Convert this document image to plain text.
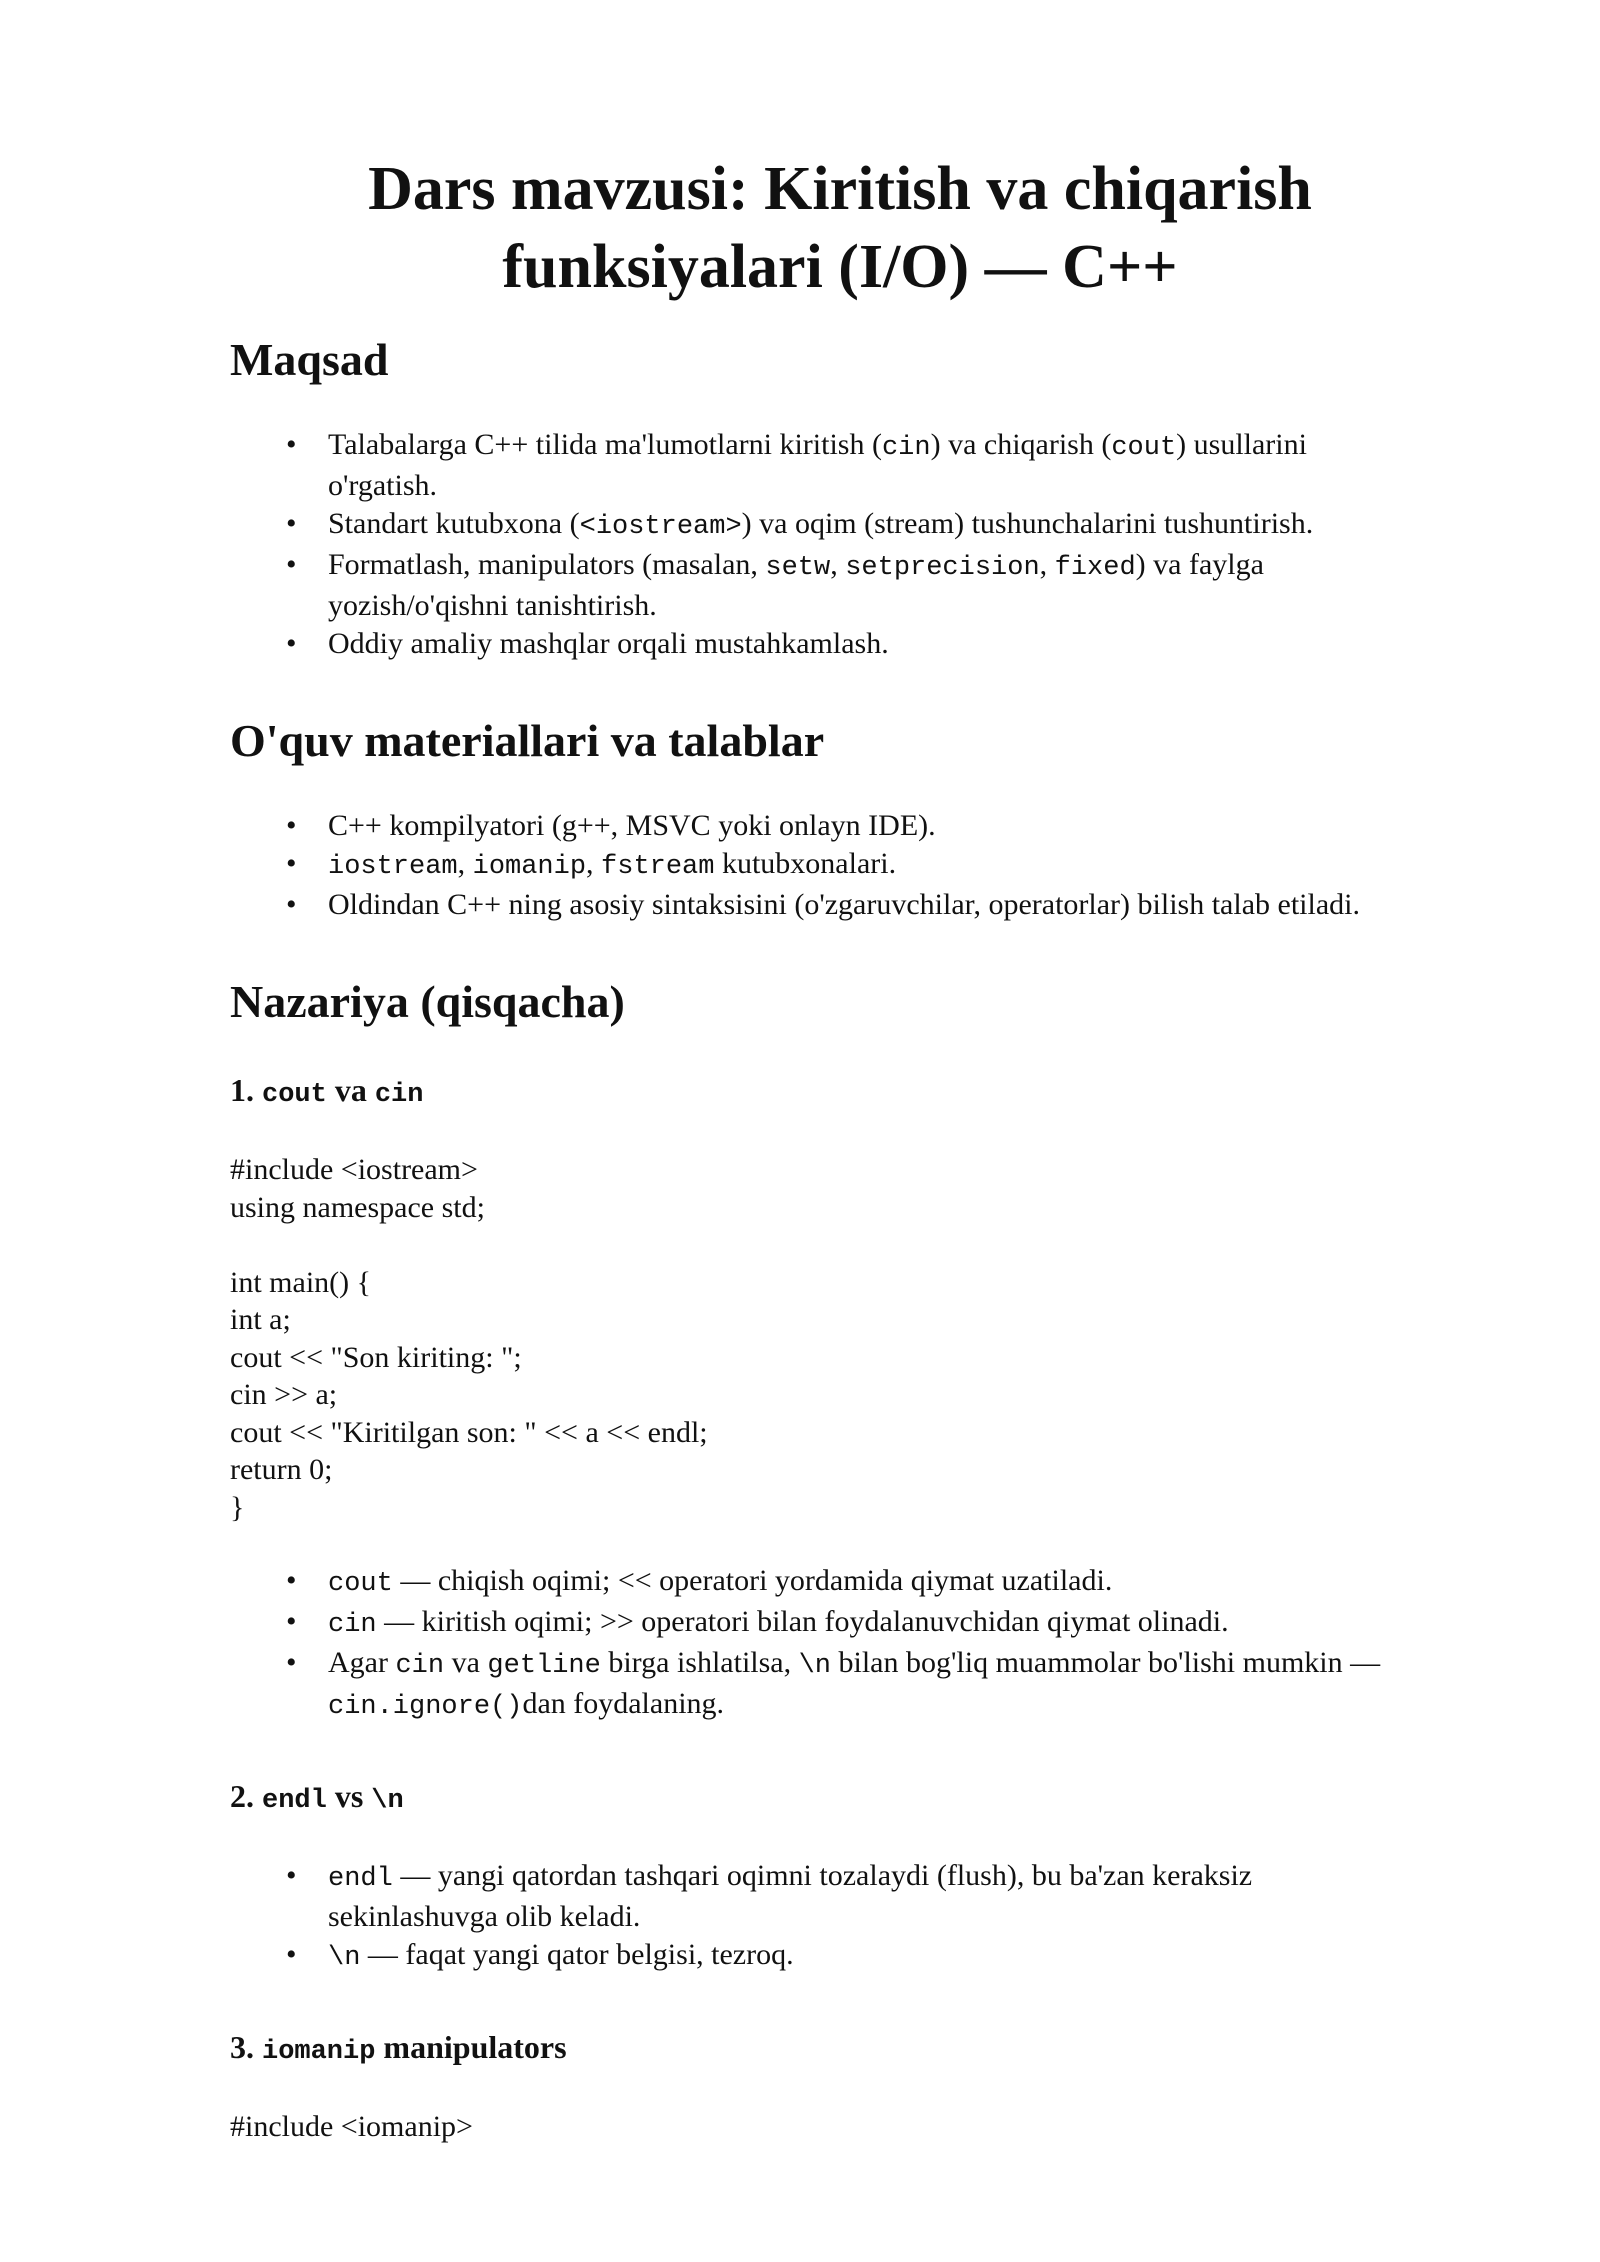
Dars mavzusi: Kiritish va chiqarish
funksiyalari (I/O) — C++
Maqsad
• Talabalarga C++ tilida ma'lumotlarni kiritish (cin) va chiqarish (cout) usullarini
o'rgatish.
• Standart kutubxona (<iostream>) va oqim (stream) tushunchalarini tushuntirish.
• Formatlash, manipulators (masalan, setw, setprecision, fixed) va faylga
yozish/o'qishni tanishtirish.
• Oddiy amaliy mashqlar orqali mustahkamlash.
O'quv materiallari va talablar
• C++ kompilyatori (g++, MSVC yoki onlayn IDE).
• iostream, iomanip, fstream kutubxonalari.
• Oldindan C++ ning asosiy sintaksisini (o'zgaruvchilar, operatorlar) bilish talab etiladi.
Nazariya (qisqacha)
1. cout va cin
#include <iostream>
using namespace std;
int main() {
int a;
cout << "Son kiriting: ";
cin >> a;
cout << "Kiritilgan son: " << a << endl;
return 0;
}
• cout — chiqish oqimi; << operatori yordamida qiymat uzatiladi.
• cin — kiritish oqimi; >> operatori bilan foydalanuvchidan qiymat olinadi.
• Agar cin va getline birga ishlatilsa, \n bilan bog'liq muammolar bo'lishi mumkin —
cin.ignore()dan foydalaning.
2. endl vs \n
• endl — yangi qatordan tashqari oqimni tozalaydi (flush), bu ba'zan keraksiz
sekinlashuvga olib keladi.
• \n — faqat yangi qator belgisi, tezroq.
3. iomanip manipulators
#include <iomanip>
